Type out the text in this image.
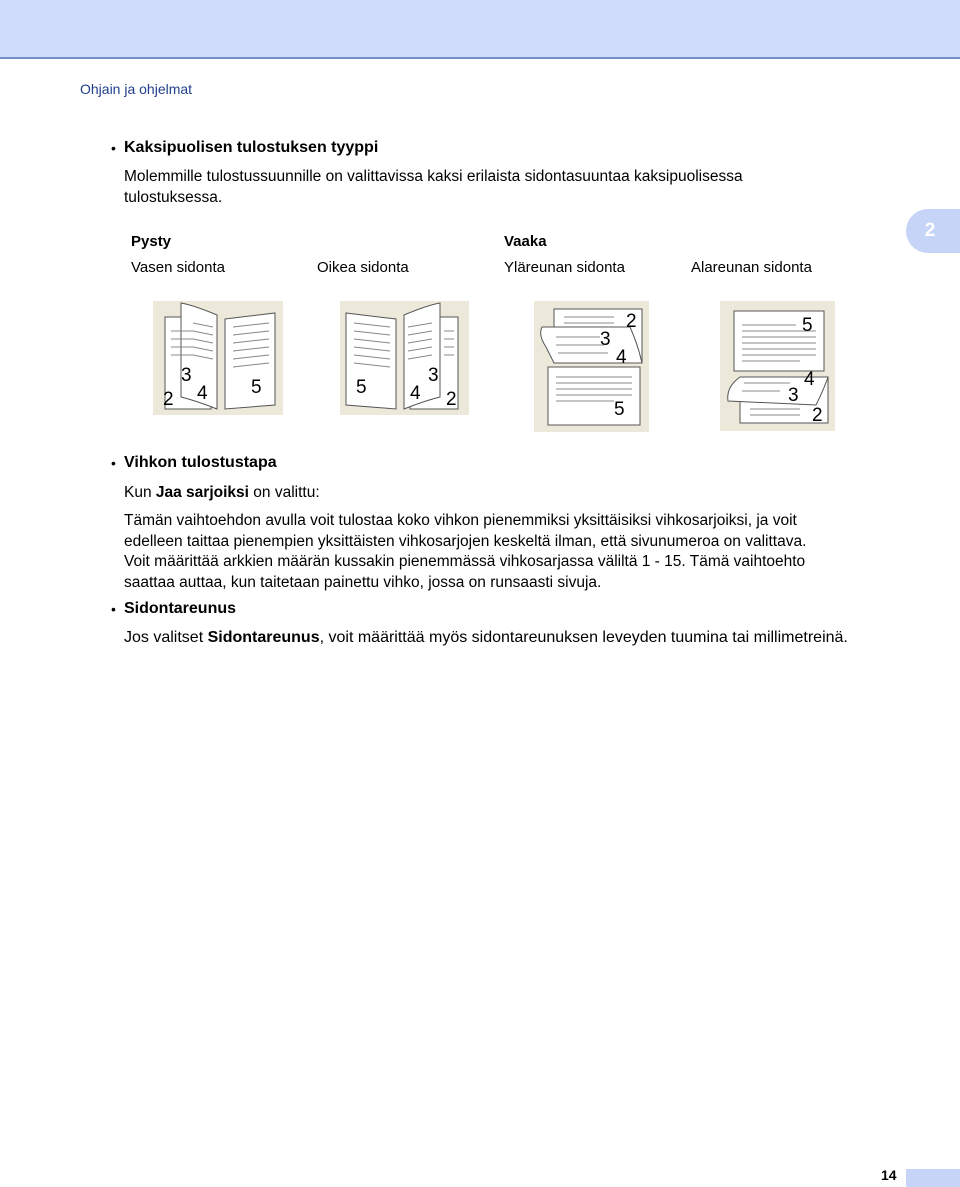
Ohjain ja ohjelmat
2
• Kaksipuolisen tulostuksen tyyppi
Molemmille tulostussuunnille on valittavissa kaksi erilaista sidontasuuntaa kaksipuolisessa
tulostuksessa.
Pysty	Vaaka
Vasen sidonta	Oikea sidonta	Yläreunan sidonta	Alareunan sidonta
2
3
4 5	5 4
3
2
2
3
4
5
5
4
3
2
• Vihkon tulostustapa
Kun Jaa sarjoiksi on valittu:
Tämän vaihtoehdon avulla voit tulostaa koko vihkon pienemmiksi yksittäisiksi vihkosarjoiksi, ja voit
edelleen taittaa pienempien yksittäisten vihkosarjojen keskeltä ilman, että sivunumeroa on valittava.
Voit määrittää arkkien määrän kussakin pienemmässä vihkosarjassa väliltä 1 - 15. Tämä vaihtoehto
saattaa auttaa, kun taitetaan painettu vihko, jossa on runsaasti sivuja.
• Sidontareunus
Jos valitset Sidontareunus, voit määrittää myös sidontareunuksen leveyden tuumina tai millimetreinä.
14
